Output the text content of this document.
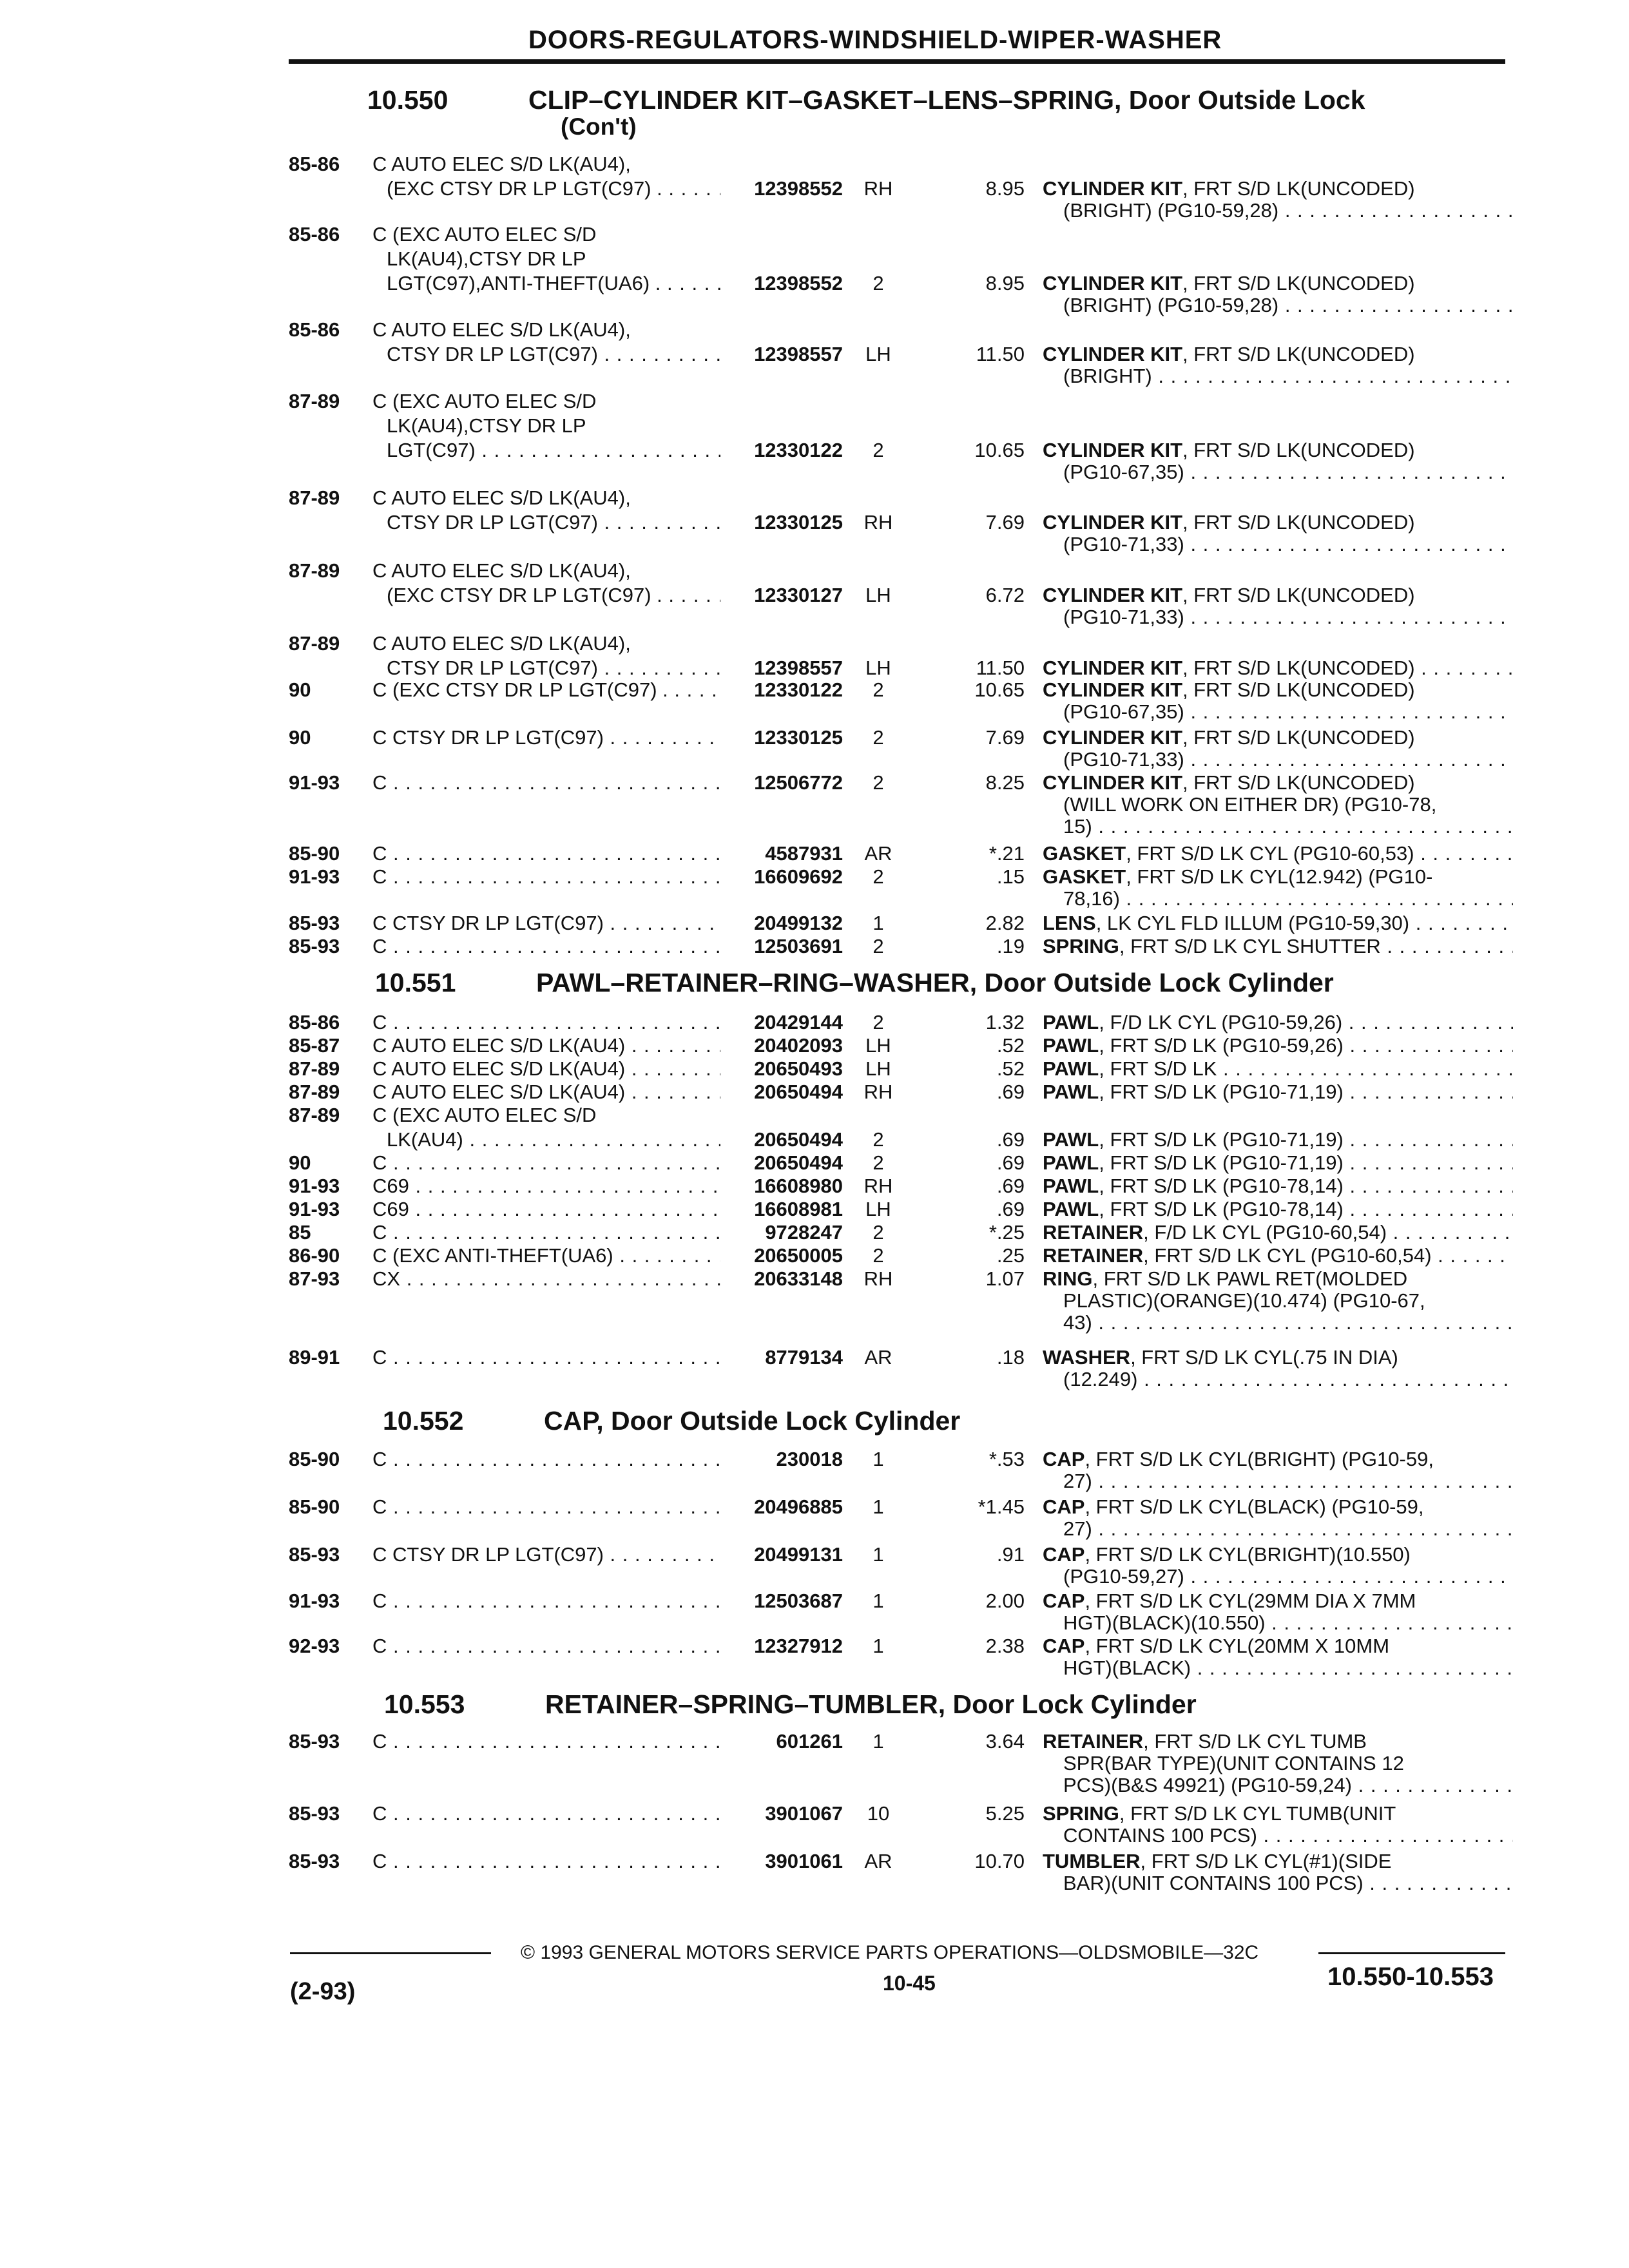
DOORS-REGULATORS-WINDSHIELD-WIPER-WASHER
10.550	CLIP–CYLINDER KIT–GASKET–LENS–SPRING, Door Outside Lock
(Con't)
85-86	C AUTO ELEC S/D LK(AU4),
(EXC CTSY DR LP LGT(C97) . . . .	12398552	RH	8.95 CYLINDER KIT, FRT S/D LK(UNCODED)
(BRIGHT) (PG10-59,28) . . .
85-86	C (EXC AUTO ELEC S/D
LK(AU4),CTSY DR LP
LGT(C97),ANTI-THEFT(UA6) . . . .	12398552	2	8.95 CYLINDER KIT, FRT S/D LK(UNCODED)
(BRIGHT) (PG10-59,28) . . .
85-86	C AUTO ELEC S/D LK(AU4),
CTSY DR LP LGT(C97) . . .	12398557	LH	11.50 CYLINDER KIT, FRT S/D LK(UNCODED)
(BRIGHT) . . .
87-89	C (EXC AUTO ELEC S/D
LK(AU4),CTSY DR LP
LGT(C97) . . .	12330122	2	10.65 CYLINDER KIT, FRT S/D LK(UNCODED)
(PG10-67,35) . . .
87-89	C AUTO ELEC S/D LK(AU4),
CTSY DR LP LGT(C97) . . .	12330125	RH	7.69 CYLINDER KIT, FRT S/D LK(UNCODED)
(PG10-71,33) . . .
87-89	C AUTO ELEC S/D LK(AU4),
(EXC CTSY DR LP LGT(C97) . . . .	12330127	LH	6.72 CYLINDER KIT, FRT S/D LK(UNCODED)
(PG10-71,33) . . .
87-89	C AUTO ELEC S/D LK(AU4),
CTSY DR LP LGT(C97) . . .	12398557	LH	11.50 CYLINDER KIT, FRT S/D LK(UNCODED) . . .
90	C (EXC CTSY DR LP LGT(C97) . . . .	12330122	2	10.65 CYLINDER KIT, FRT S/D LK(UNCODED)
(PG10-67,35) . . .
90	C CTSY DR LP LGT(C97) . . .	12330125	2	7.69 CYLINDER KIT, FRT S/D LK(UNCODED)
(PG10-71,33) . . .
91-93	C . . .	12506772	2	8.25 CYLINDER KIT, FRT S/D LK(UNCODED)
(WILL WORK ON EITHER DR) (PG10-78,
15) . . .
85-90	C . . .	4587931	AR	*.21 GASKET, FRT S/D LK CYL (PG10-60,53) . . .
91-93	C . . .	16609692	2	.15 GASKET, FRT S/D LK CYL(12.942) (PG10-
78,16) . . .
85-93	C CTSY DR LP LGT(C97) . . .	20499132	1	2.82 LENS, LK CYL FLD ILLUM (PG10-59,30) . . .
85-93	C . . .	12503691	2	.19 SPRING, FRT S/D LK CYL SHUTTER . . .
10.551	PAWL–RETAINER–RING–WASHER, Door Outside Lock Cylinder
85-86	C . . .	20429144	2	1.32 PAWL, F/D LK CYL (PG10-59,26) . . .
85-87	C AUTO ELEC S/D LK(AU4) . . .	20402093	LH	.52 PAWL, FRT S/D LK (PG10-59,26) . . .
87-89	C AUTO ELEC S/D LK(AU4) . . .	20650493	LH	.52 PAWL, FRT S/D LK . . .
87-89	C AUTO ELEC S/D LK(AU4) . . .	20650494	RH	.69 PAWL, FRT S/D LK (PG10-71,19) . . .
87-89	C (EXC AUTO ELEC S/D
LK(AU4) . . .	20650494	2	.69 PAWL, FRT S/D LK (PG10-71,19) . . .
90	C . . .	20650494	2	.69 PAWL, FRT S/D LK (PG10-71,19) . . .
91-93	C69 . . .	16608980	RH	.69 PAWL, FRT S/D LK (PG10-78,14) . . .
91-93	C69 . . .	16608981	LH	.69 PAWL, FRT S/D LK (PG10-78,14) . . .
85	C . . .	9728247	2	*.25 RETAINER, F/D LK CYL (PG10-60,54) . . .
86-90	C (EXC ANTI-THEFT(UA6) . . .	20650005	2	.25 RETAINER, FRT S/D LK CYL (PG10-60,54) . . .
87-93	CX . . .	20633148	RH	1.07 RING, FRT S/D LK PAWL RET(MOLDED
PLASTIC)(ORANGE)(10.474) (PG10-67,
43) . . .
89-91	C . . .	8779134	AR	.18 WASHER, FRT S/D LK CYL(.75 IN DIA)
(12.249) . . .
10.552	CAP, Door Outside Lock Cylinder
85-90	C . . .	230018	1	*.53 CAP, FRT S/D LK CYL(BRIGHT) (PG10-59,
27) . . .
85-90	C . . .	20496885	1	*1.45 CAP, FRT S/D LK CYL(BLACK) (PG10-59,
27) . . .
85-93	C CTSY DR LP LGT(C97) . . .	20499131	1	.91 CAP, FRT S/D LK CYL(BRIGHT)(10.550)
(PG10-59,27) . . .
91-93	C . . .	12503687	1	2.00 CAP, FRT S/D LK CYL(29MM DIA X 7MM
HGT)(BLACK)(10.550) . . .
92-93	C . . .	12327912	1	2.38 CAP, FRT S/D LK CYL(20MM X 10MM
HGT)(BLACK) . . .
10.553	RETAINER–SPRING–TUMBLER, Door Lock Cylinder
85-93	C . . .	601261	1	3.64 RETAINER, FRT S/D LK CYL TUMB
SPR(BAR TYPE)(UNIT CONTAINS 12
PCS)(B&S 49921) (PG10-59,24) . . .
85-93	C . . .	3901067	10	5.25 SPRING, FRT S/D LK CYL TUMB(UNIT
CONTAINS 100 PCS) . . .
85-93	C . . .	3901061	AR	10.70 TUMBLER, FRT S/D LK CYL(#1)(SIDE
BAR)(UNIT CONTAINS 100 PCS) . . .
© 1993 GENERAL MOTORS SERVICE PARTS OPERATIONS—OLDSMOBILE—32C
(2-93)	10-45	10.550-10.553
